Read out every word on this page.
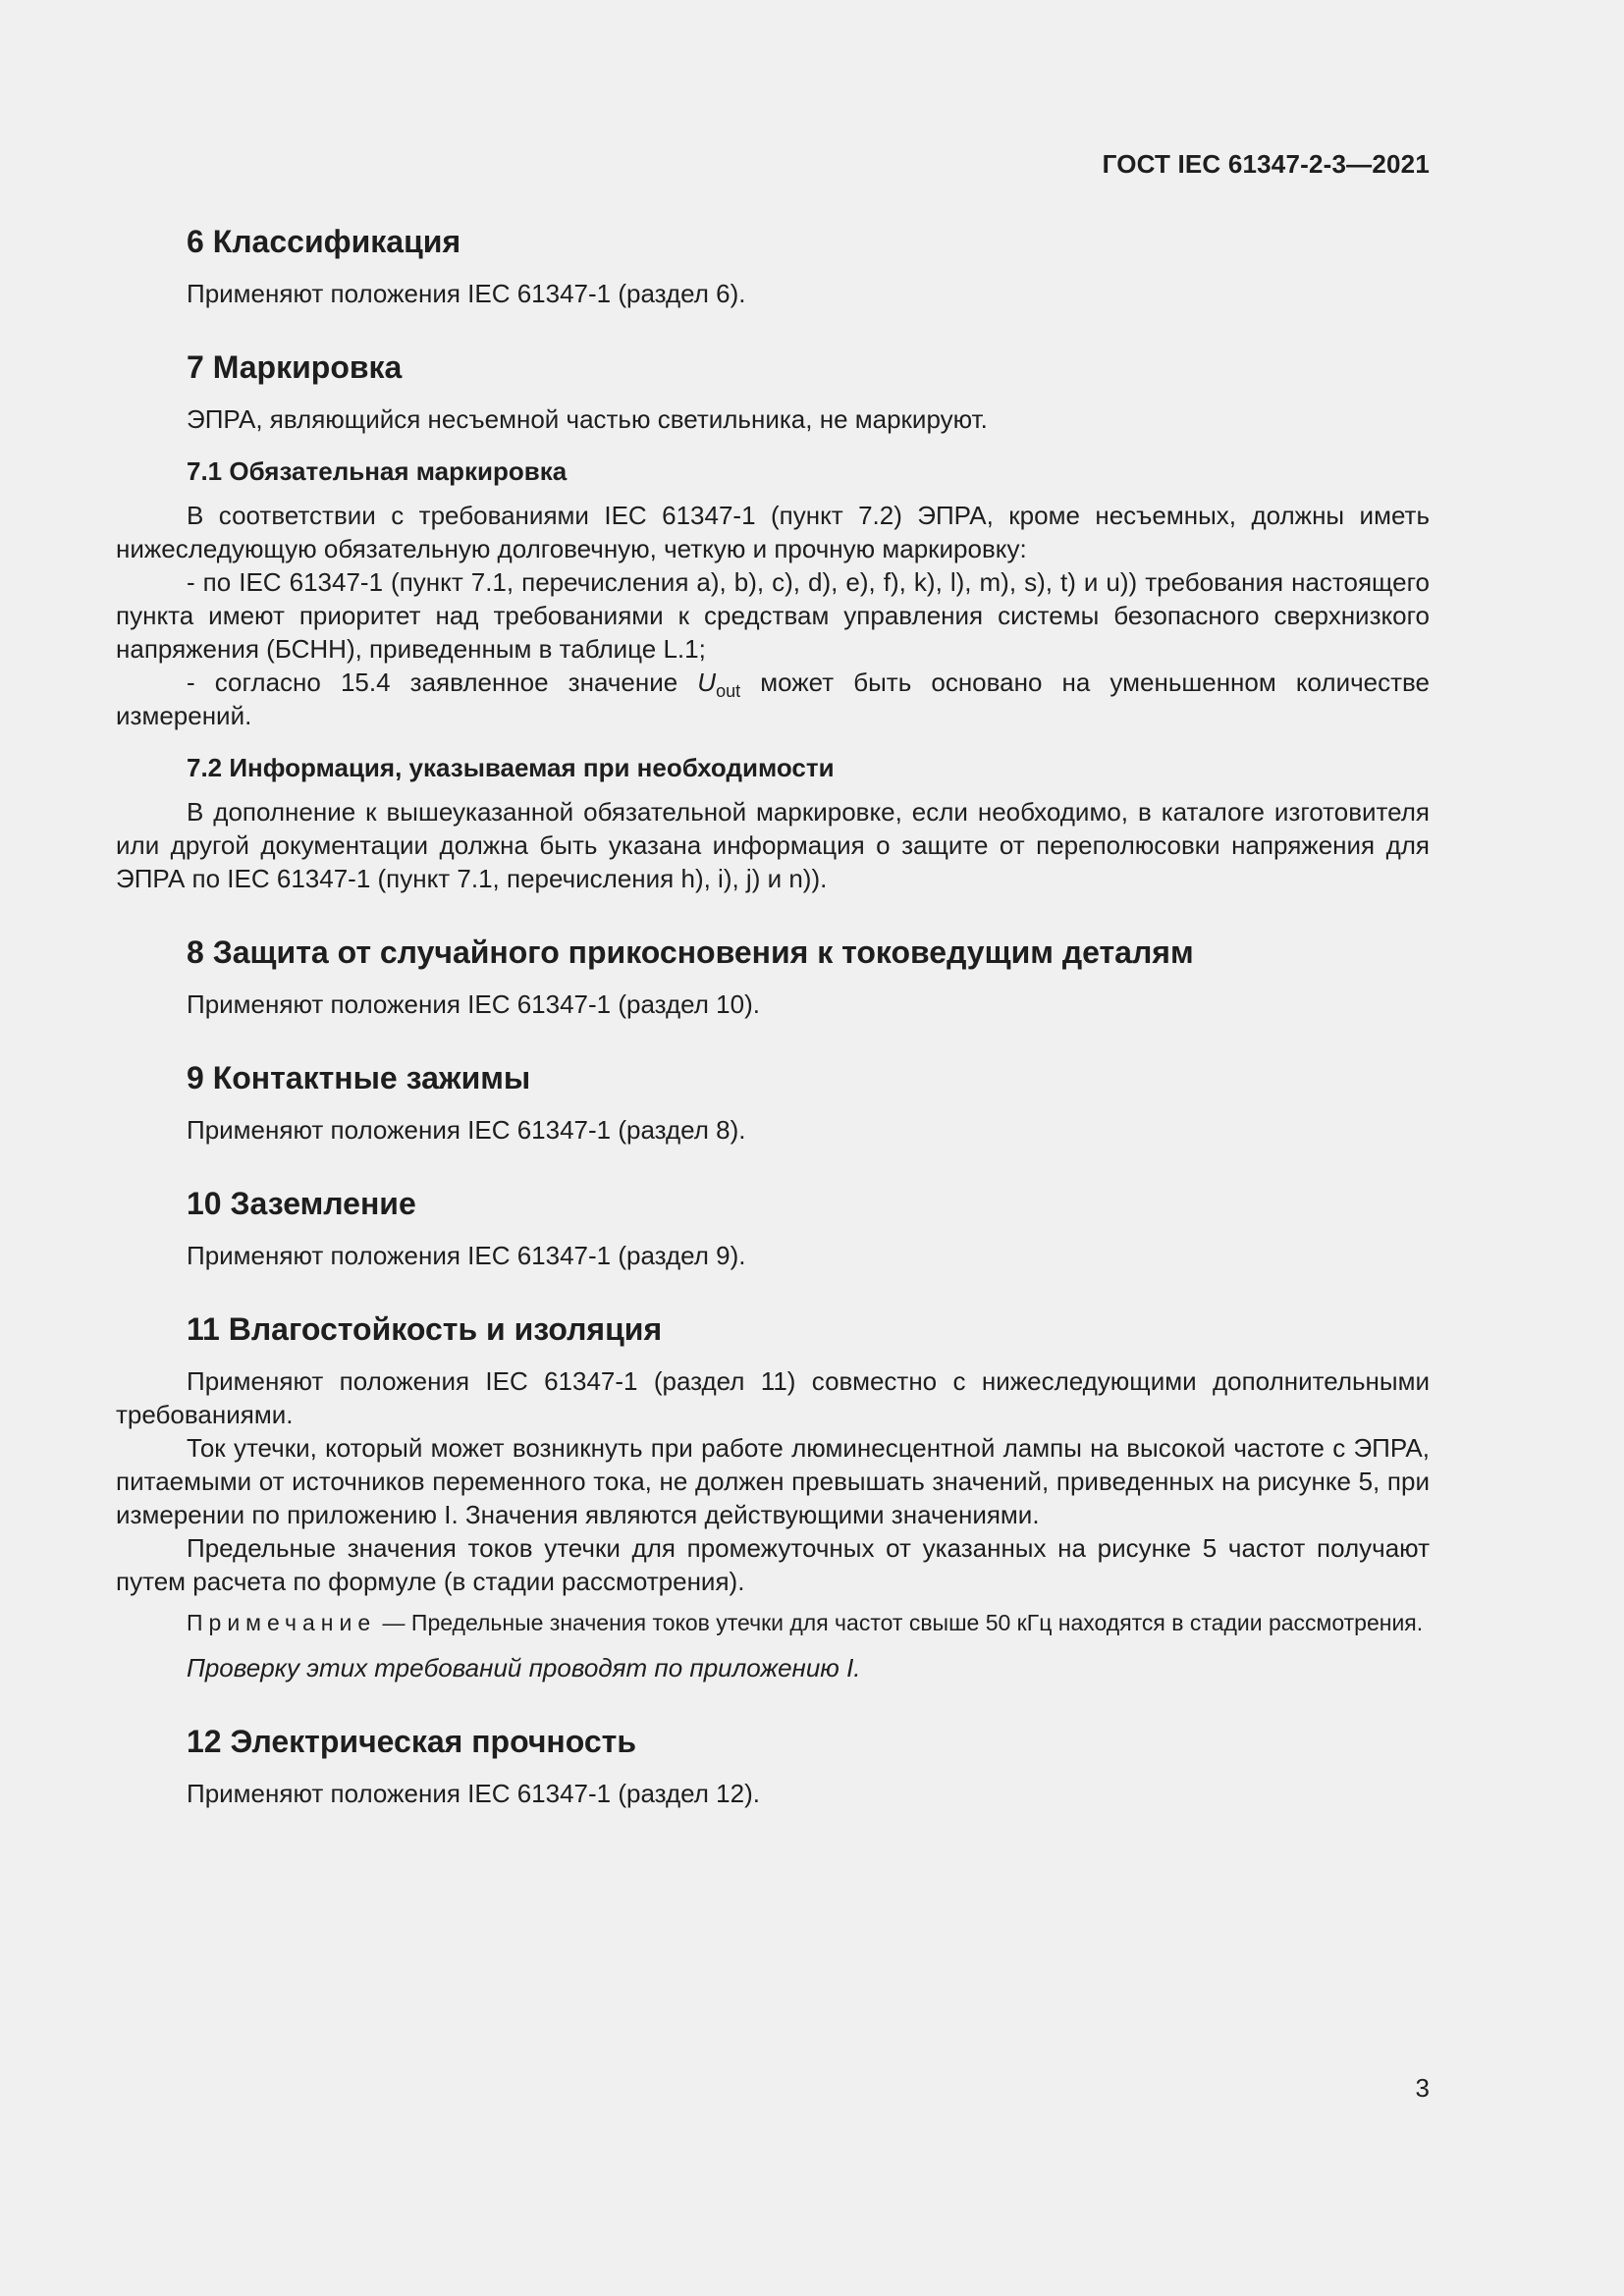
ГОСТ IEC 61347-2-3—2021
6 Классификация

Применяют положения IEC 61347-1 (раздел 6).

7 Маркировка

ЭПРА, являющийся несъемной частью светильника, не маркируют.

7.1 Обязательная маркировка

В соответствии с требованиями IEC 61347-1 (пункт 7.2) ЭПРА, кроме несъемных, должны иметь нижеследующую обязательную долговечную, четкую и прочную маркировку:

- по IEC 61347-1 (пункт 7.1, перечисления a), b), c), d), e), f), k), l), m), s), t) и u)) требования настоящего пункта имеют приоритет над требованиями к средствам управления системы безопасного сверхнизкого напряжения (БСНН), приведенным в таблице L.1;

- согласно 15.4 заявленное значение $U_{out}$ может быть основано на уменьшенном количестве измерений.

7.2 Информация, указываемая при необходимости

В дополнение к вышеуказанной обязательной маркировке, если необходимо, в каталоге изготовителя или другой документации должна быть указана информация о защите от переполюсовки напряжения для ЭПРА по IEC 61347-1 (пункт 7.1, перечисления h), i), j) и n)).

8 Защита от случайного прикосновения к токоведущим деталям

Применяют положения IEC 61347-1 (раздел 10).

9 Контактные зажимы

Применяют положения IEC 61347-1 (раздел 8).

10 Заземление

Применяют положения IEC 61347-1 (раздел 9).

11 Влагостойкость и изоляция

Применяют положения IEC 61347-1 (раздел 11) совместно с нижеследующими дополнительными требованиями.

Ток утечки, который может возникнуть при работе люминесцентной лампы на высокой частоте с ЭПРА, питаемыми от источников переменного тока, не должен превышать значений, приведенных на рисунке 5, при измерении по приложению I. Значения являются действующими значениями.

Предельные значения токов утечки для промежуточных от указанных на рисунке 5 частот получают путем расчета по формуле (в стадии рассмотрения).

Примечание — Предельные значения токов утечки для частот свыше 50 кГц находятся в стадии рассмотрения.

Проверку этих требований проводят по приложению I.

12 Электрическая прочность

Применяют положения IEC 61347-1 (раздел 12).

3
